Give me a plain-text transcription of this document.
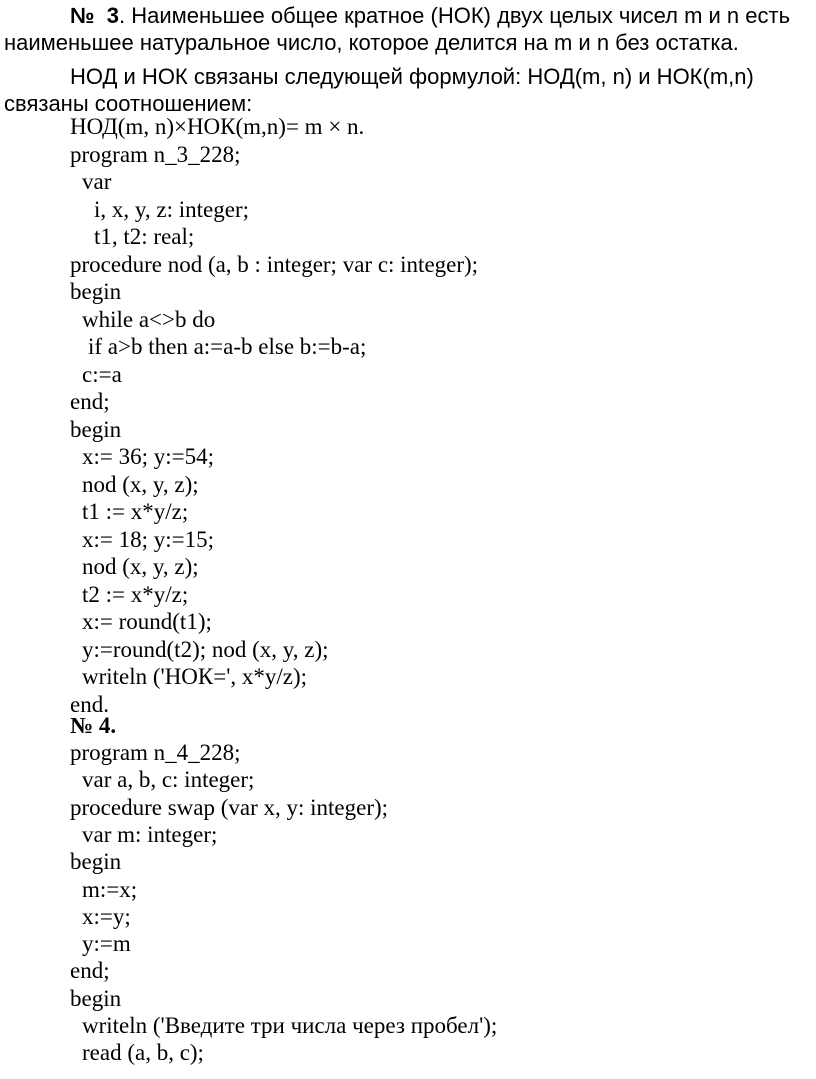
№  3. Наименьшее общее кратное (НОК) двух целых чисел m и n есть
наименьшее натуральное число, которое делится на m и n без остатка.
НОД и НОК связаны следующей формулой: НОД(m, n) и НОК(m,n)
связаны соотношением:
НОД(m, n)×НОК(m,n)= m × n.
program n_3_228;
var
i, x, y, z: integer;
t1, t2: real;
procedure nod (a, b : integer; var c: integer);
begin
while a<>b do
if a>b then a:=a-b else b:=b-a;
c:=a
end;
begin
x:= 36; y:=54;
nod (x, y, z);
t1 := x*y/z;
x:= 18; y:=15;
nod (x, y, z);
t2 := x*y/z;
x:= round(t1);
y:=round(t2); nod (x, y, z);
writeln ('НОК=', x*y/z);
end.
№ 4.
program n_4_228;
var a, b, c: integer;
procedure swap (var x, y: integer);
var m: integer;
begin
m:=x;
x:=y;
y:=m
end;
begin
writeln ('Введите три числа через пробел');
read (a, b, c);
